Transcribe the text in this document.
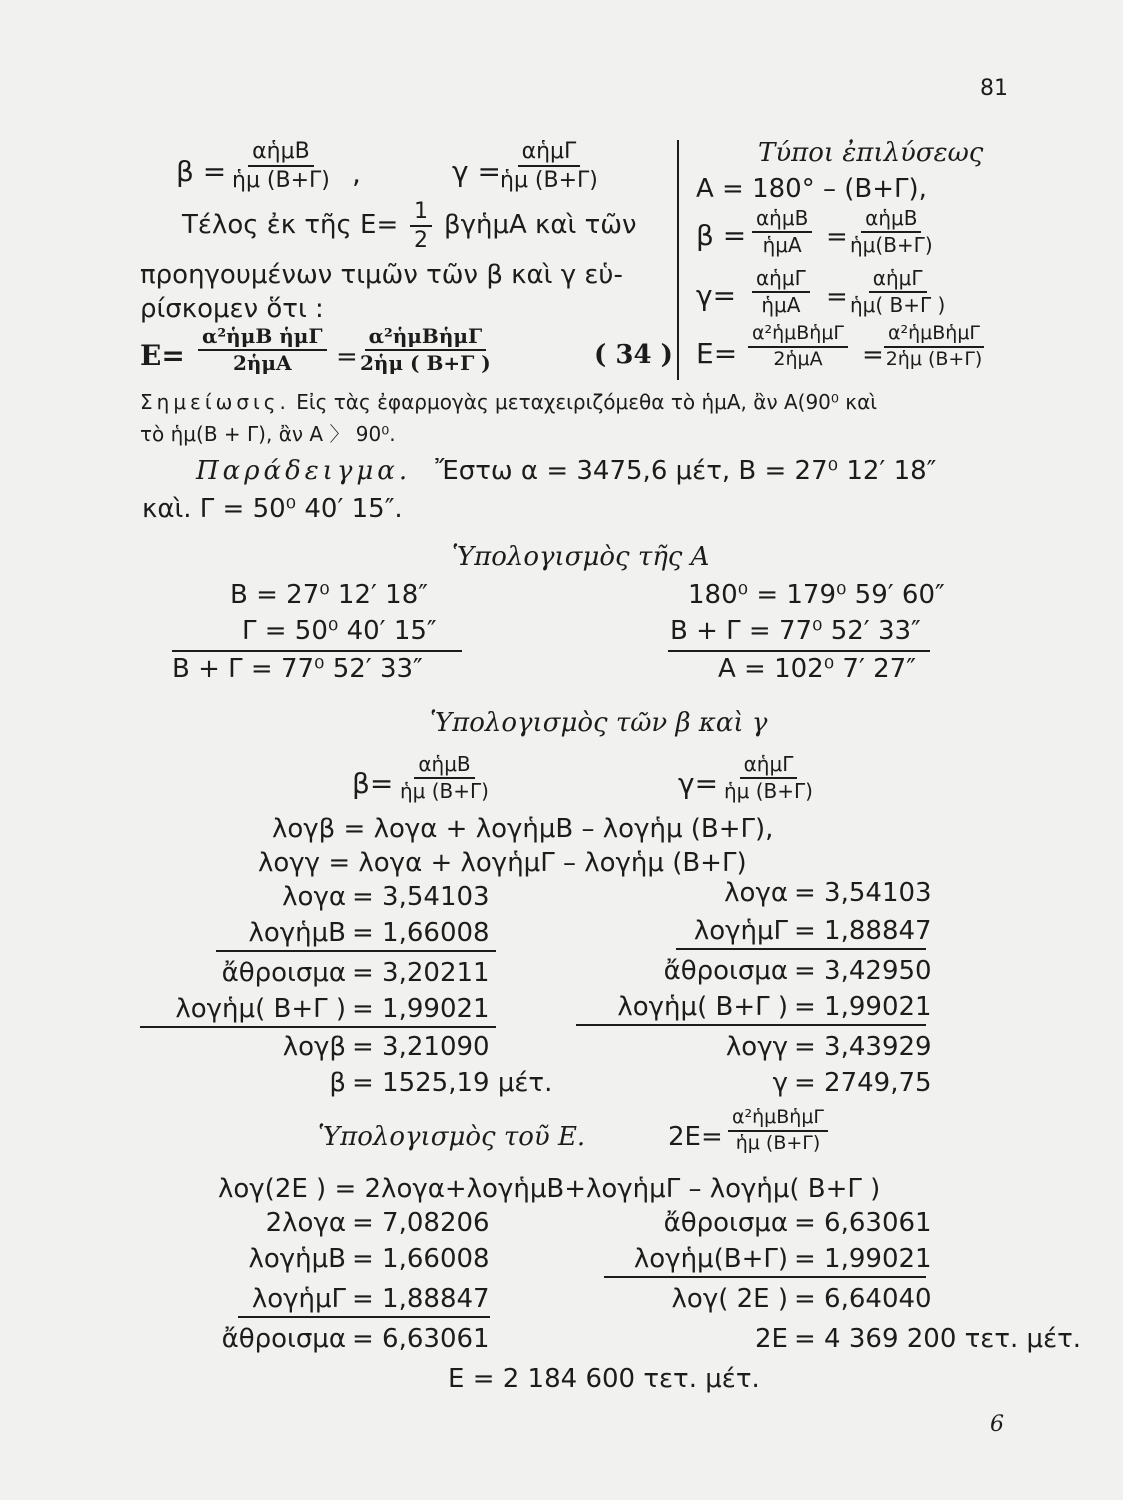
81
β =
αἡμΒ
ἡμ (Β+Γ) ,	γ =
αἡμΓ
ἡμ (Β+Γ)
Τέλος ἐκ τῆς $E= \frac{1}{2}$ βγἡμΑ καὶ τῶν
προηγουμένων τιμῶν τῶν β καὶ γ εὑ-
ρίσκομεν ὅτι :
Ε=
α²ἡμΒ ἡμΓ
2ἡμΑ =
α²ἡμΒἡμΓ
2ἡμ ( Β+Γ )	( 34 )
Τύποι ἐπιλύσεως
Α = 180° – (Β+Γ),
β =
αἡμΒ
ἡμΑ =
αἡμΒ
ἡμ(Β+Γ)
γ=
αἡμΓ
ἡμΑ =
αἡμΓ
ἡμ( Β+Γ )
Ε=
α²ἡμΒἡμΓ
2ἡμΑ =
α²ἡμΒἡμΓ
2ἡμ (Β+Γ)
Σημείωσις. Εἰς τὰς ἐφαρμογὰς μεταχειριζόμεθα τὸ ἡμΑ, ἂν Α(90⁰ καὶ
τὸ ἡμ(Β + Γ), ἂν Α 〉 90⁰.
Παράδειγμα. Ἔστω α = 3475,6 μέτ, Β = 27⁰ 12′ 18″
καὶ. Γ = 50⁰ 40′ 15″.
Ὑπολογισμὸς τῆς Α
Β = 27⁰ 12′ 18″
Γ = 50⁰ 40′ 15″
Β + Γ = 77⁰ 52′ 33″
180⁰ = 179⁰ 59′ 60″
Β + Γ = 77⁰ 52′ 33″
Α = 102⁰ 7′ 27″
Ὑπολογισμὸς τῶν β καὶ γ
β=
αἡμΒ
ἡμ (Β+Γ)	γ=
αἡμΓ
ἡμ (Β+Γ)
λογβ = λογα + λογἡμΒ – λογἡμ (Β+Γ),
λογγ = λογα + λογἡμΓ – λογἡμ (Β+Γ)
λογα = 3,54103
λογἡμΒ = 1,66008
ἄθροισμα = 3,20211
λογἡμ( Β+Γ ) = 1,99021
λογβ = 3,21090
β = 1525,19 μέτ.
λογα = 3,54103
λογἡμΓ = 1,88847
ἄθροισμα = 3,42950
λογἡμ( Β+Γ ) = 1,99021
λογγ = 3,43929
γ = 2749,75
Ὑπολογισμὸς τοῦ Ε.	2Ε=
α²ἡμΒἡμΓ
ἡμ (Β+Γ)
λογ(2Ε ) = 2λογα+λογἡμΒ+λογἡμΓ – λογἡμ( Β+Γ )
2λογα = 7,08206
λογἡμΒ = 1,66008
λογἡμΓ = 1,88847
ἄθροισμα = 6,63061
ἄθροισμα = 6,63061
λογἡμ(Β+Γ) = 1,99021
λογ( 2Ε ) = 6,64040
2Ε = 4 369 200 τετ. μέτ.
Ε = 2 184 600 τετ. μέτ.
6
